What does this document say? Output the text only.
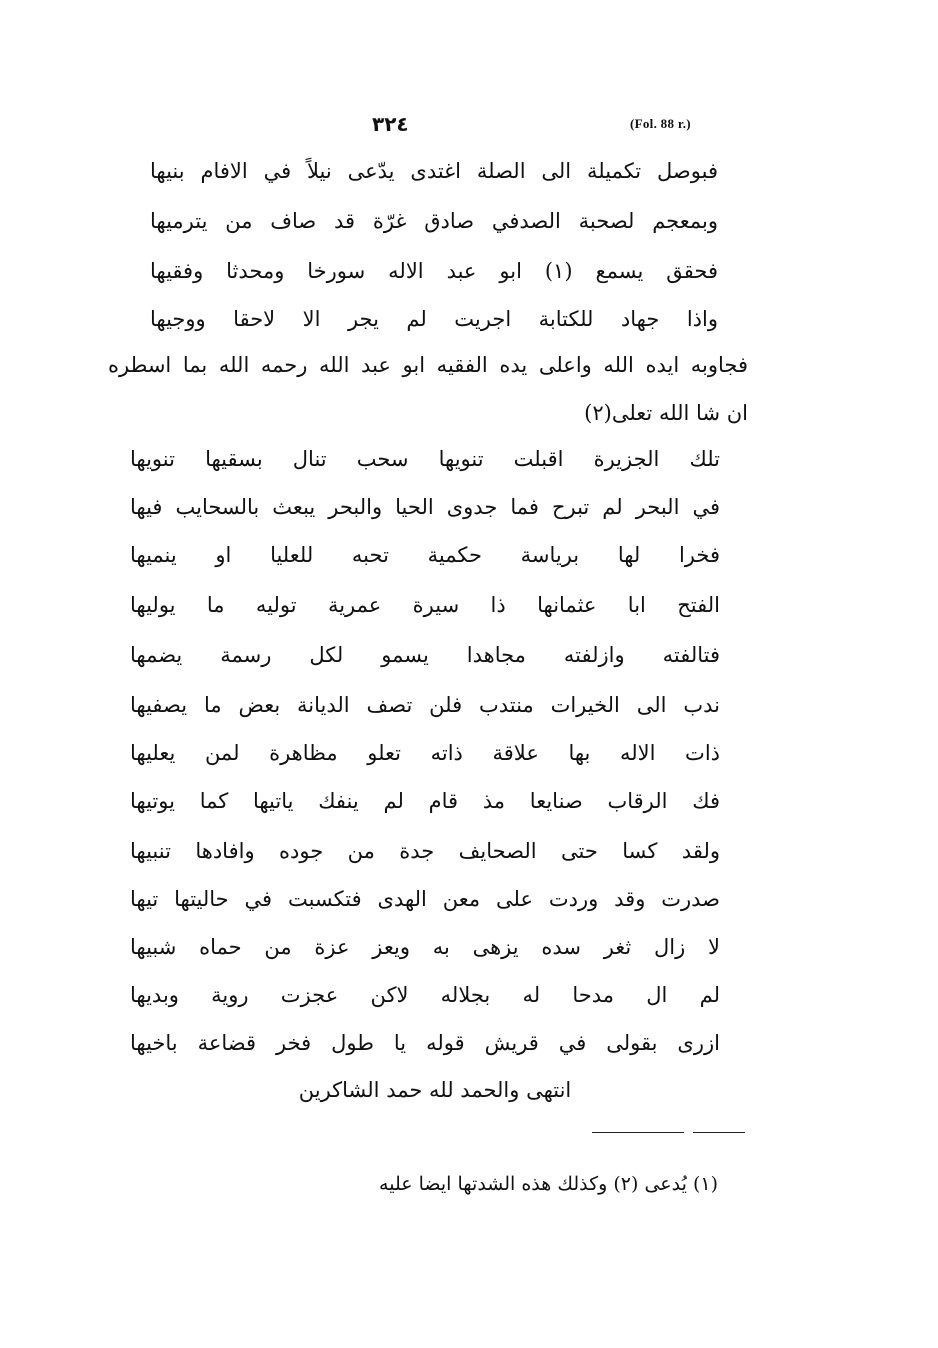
٣٢٤	(Fol. 88 r.)
فبوصل تكميلة الى الصلة اغتدى يدّعى نيلاً في الافام بنيها
وبمعجم لصحبة الصدفي صادق غرّة قد صاف من يترميها
فحقق يسمع (١) ابو عبد الاله سورخا ومحدثا وفقيها
واذا جهاد للكتابة اجريت لم يجر الا لاحقا ووجيها
فجاوبه ايده الله واعلى يده الفقيه ابو عبد الله رحمه الله بما اسطره
ان شا الله تعلى(٢)
تلك الجزيرة اقبلت تنويها سحب تنال بسقيها تنويها
في البحر لم تبرح فما جدوى الحيا والبحر يبعث بالسحايب فيها
فخرا لها برياسة حكمية تحبه للعليا او ينميها
الفتح ابا عثمانها ذا سيرة عمرية توليه ما يوليها
فتالفته وازلفته مجاهدا يسمو لكل رسمة يضمها
ندب الى الخيرات منتدب فلن تصف الديانة بعض ما يصفيها
ذات الاله بها علاقة ذاته تعلو مظاهرة لمن يعليها
فك الرقاب صنايعا مذ قام لم ينفك ياتيها كما يوتيها
ولقد كسا حتى الصحايف جدة من جوده وافادها تنبيها
صدرت وقد وردت على معن الهدى فتكسبت في حاليتها تيها
لا زال ثغر سده يزهى به ويعز عزة من حماه شبيها
لم ال مدحا له بجلاله لاكن عجزت روية وبديها
ازرى بقولى في قريش قوله يا طول فخر قضاعة باخيها
انتهى والحمد لله حمد الشاكرين
(١) يُدعى (٢) وكذلك هذه الشدتها ايضا عليه
